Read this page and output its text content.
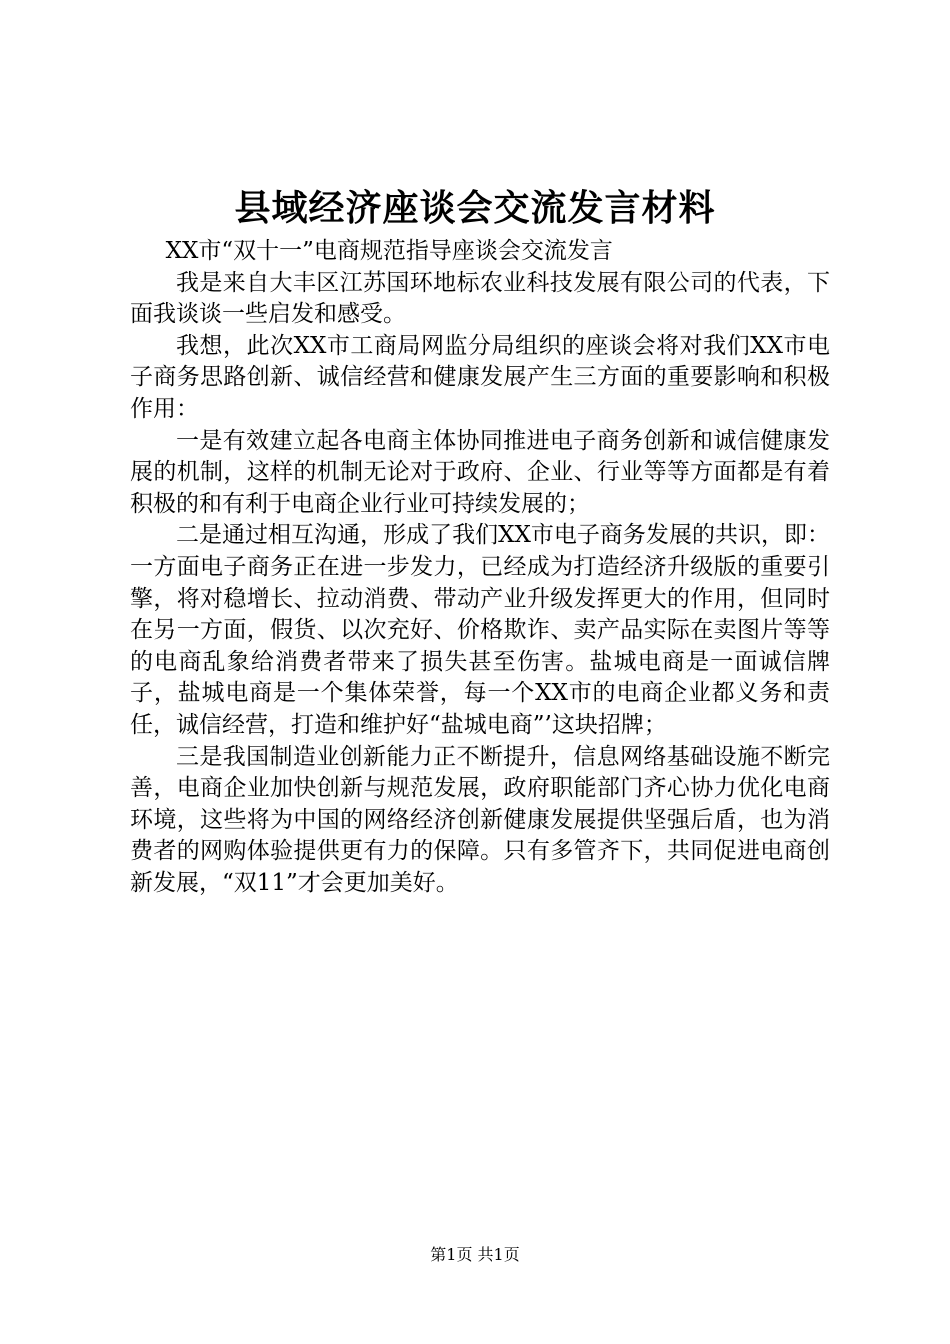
县域经济座谈会交流发言材料

XX市“双十一”电商规范指导座谈会交流发言

我是来自大丰区江苏国环地标农业科技发展有限公司的代表，下面我谈谈一些启发和感受。

我想，此次XX市工商局网监分局组织的座谈会将对我们XX市电子商务思路创新、诚信经营和健康发展产生三方面的重要影响和积极作用：

一是有效建立起各电商主体协同推进电子商务创新和诚信健康发展的机制，这样的机制无论对于政府、企业、行业等等方面都是有着积极的和有利于电商企业行业可持续发展的；

二是通过相互沟通，形成了我们XX市电子商务发展的共识，即：一方面电子商务正在进一步发力，已经成为打造经济升级版的重要引擎，将对稳增长、拉动消费、带动产业升级发挥更大的作用，但同时在另一方面，假货、以次充好、价格欺诈、卖产品实际在卖图片等等的电商乱象给消费者带来了损失甚至伤害。盐城电商是一面诚信牌子，盐城电商是一个集体荣誉，每一个XX市的电商企业都义务和责任，诚信经营，打造和维护好“盐城电商”’这块招牌；

三是我国制造业创新能力正不断提升，信息网络基础设施不断完善，电商企业加快创新与规范发展，政府职能部门齐心协力优化电商环境，这些将为中国的网络经济创新健康发展提供坚强后盾，也为消费者的网购体验提供更有力的保障。只有多管齐下，共同促进电商创新发展，“双11”才会更加美好。

第1页 共1页
